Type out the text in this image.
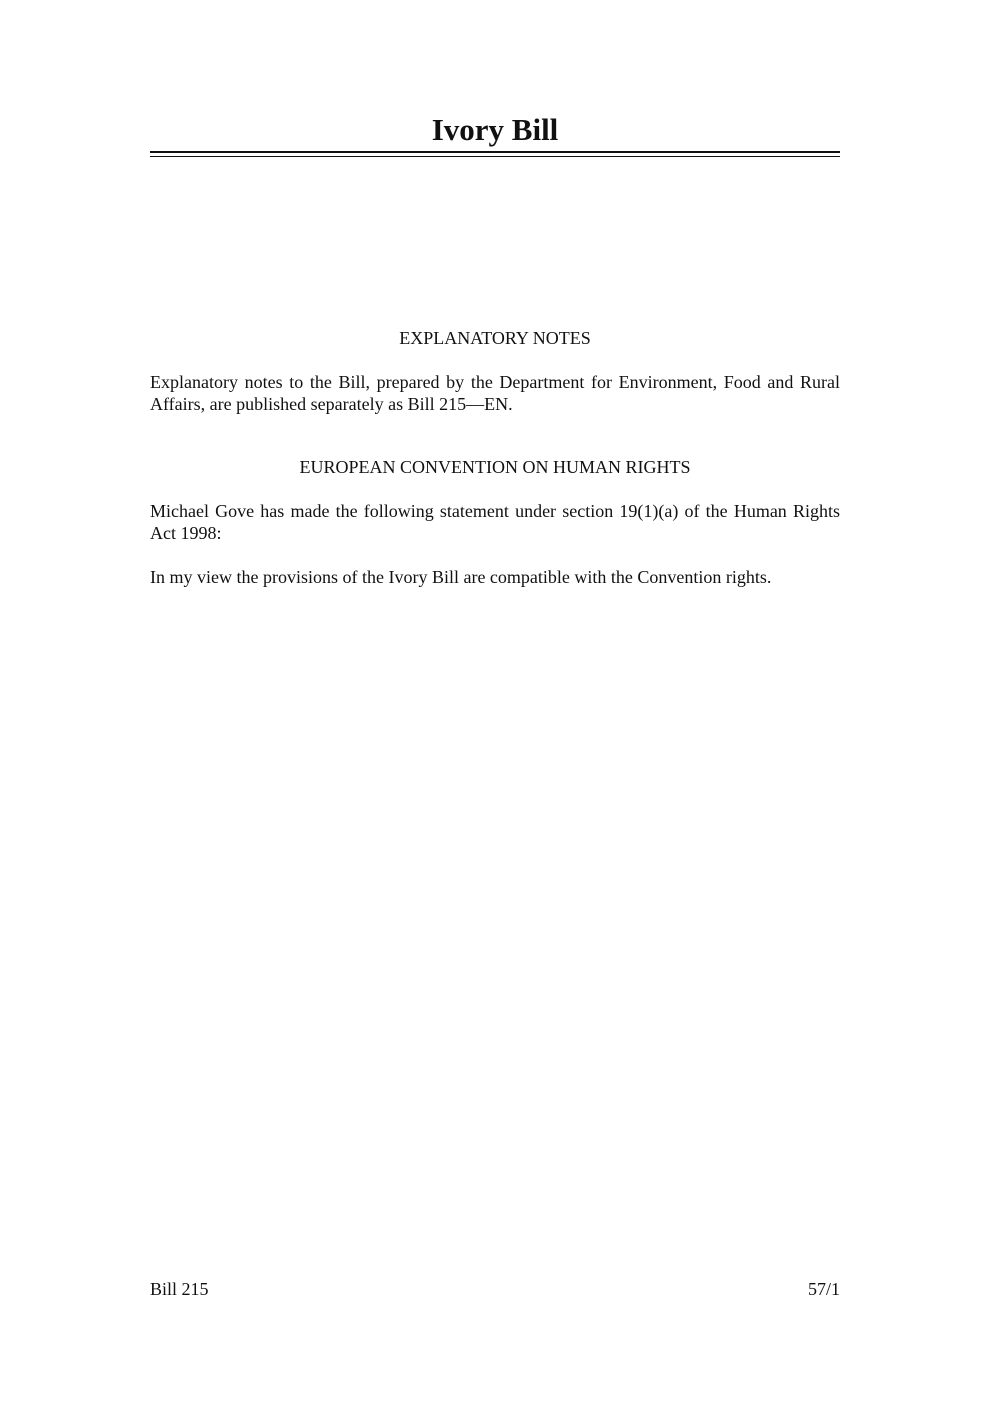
Ivory Bill
EXPLANATORY NOTES

Explanatory notes to the Bill, prepared by the Department for Environment, Food and Rural Affairs, are published separately as Bill 215—EN.

EUROPEAN CONVENTION ON HUMAN RIGHTS

Michael Gove has made the following statement under section 19(1)(a) of the Human Rights Act 1998:

In my view the provisions of the Ivory Bill are compatible with the Convention rights.

Bill 215	57/1
